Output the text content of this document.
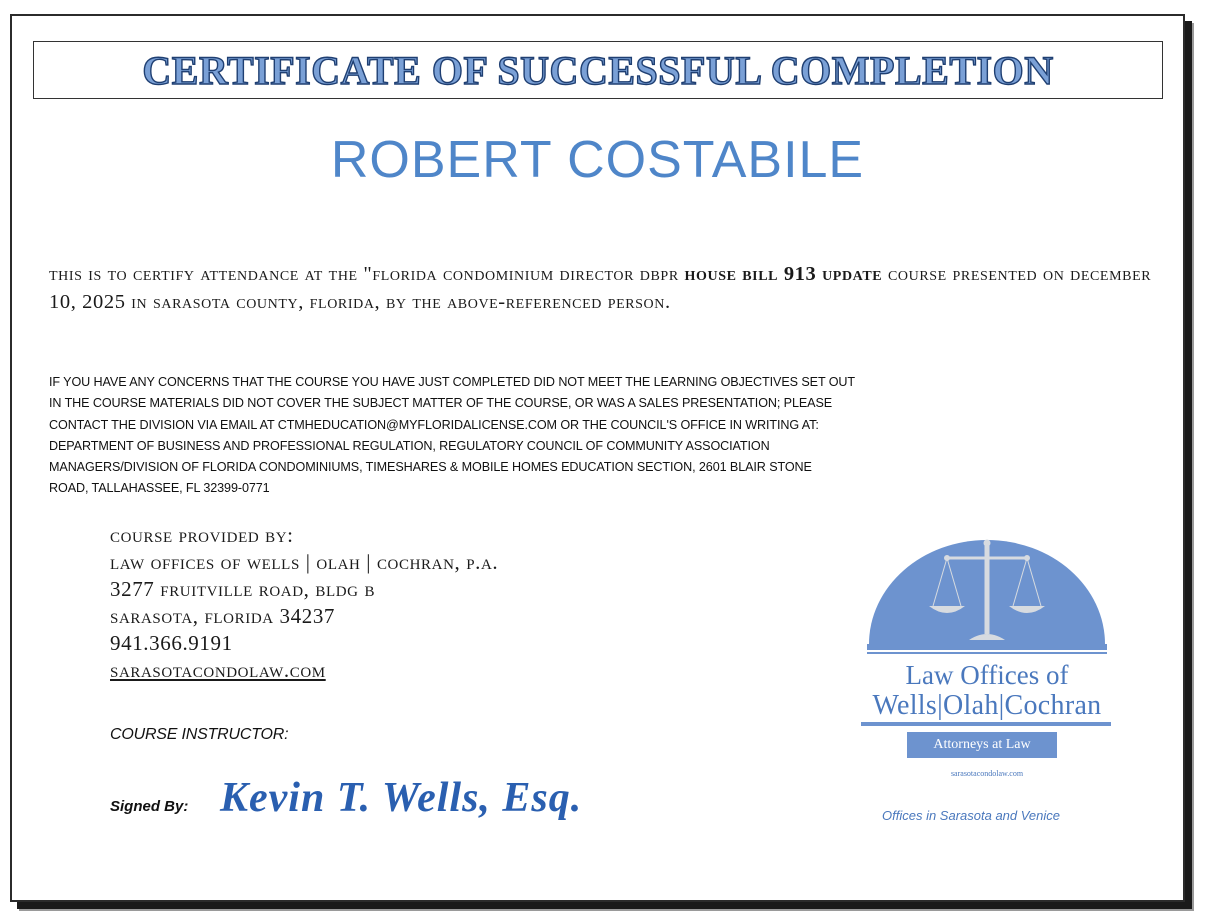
CERTIFICATE OF SUCCESSFUL COMPLETION
ROBERT COSTABILE
this is to certify attendance at the "florida condominium director dbpr house bill 913 update course presented on december 10, 2025 in sarasota county, florida, by the above-referenced person.
IF YOU HAVE ANY CONCERNS THAT THE COURSE YOU HAVE JUST COMPLETED DID NOT MEET THE LEARNING OBJECTIVES SET OUT
IN THE COURSE MATERIALS DID NOT COVER THE SUBJECT MATTER OF THE COURSE, OR WAS A SALES PRESENTATION; PLEASE
CONTACT THE DIVISION VIA EMAIL AT CTMHEDUCATION@MYFLORIDALICENSE.COM OR THE COUNCIL'S OFFICE IN WRITING AT:
DEPARTMENT OF BUSINESS AND PROFESSIONAL REGULATION, REGULATORY COUNCIL OF COMMUNITY ASSOCIATION
MANAGERS/DIVISION OF FLORIDA CONDOMINIUMS, TIMESHARES & MOBILE HOMES EDUCATION SECTION, 2601 BLAIR STONE
ROAD, TALLAHASSEE, FL 32399-0771
course provided by:
law offices of wells | olah | cochran, p.a.
3277 fruitville road, bldg b
sarasota, florida 34237
941.366.9191
sarasotacondolaw.com
COURSE INSTRUCTOR:
Signed By: Kevin T. Wells, Esq.
Law Offices of
Wells|Olah|Cochran
Attorneys at Law
sarasotacondolaw.com
Offices in Sarasota and Venice
